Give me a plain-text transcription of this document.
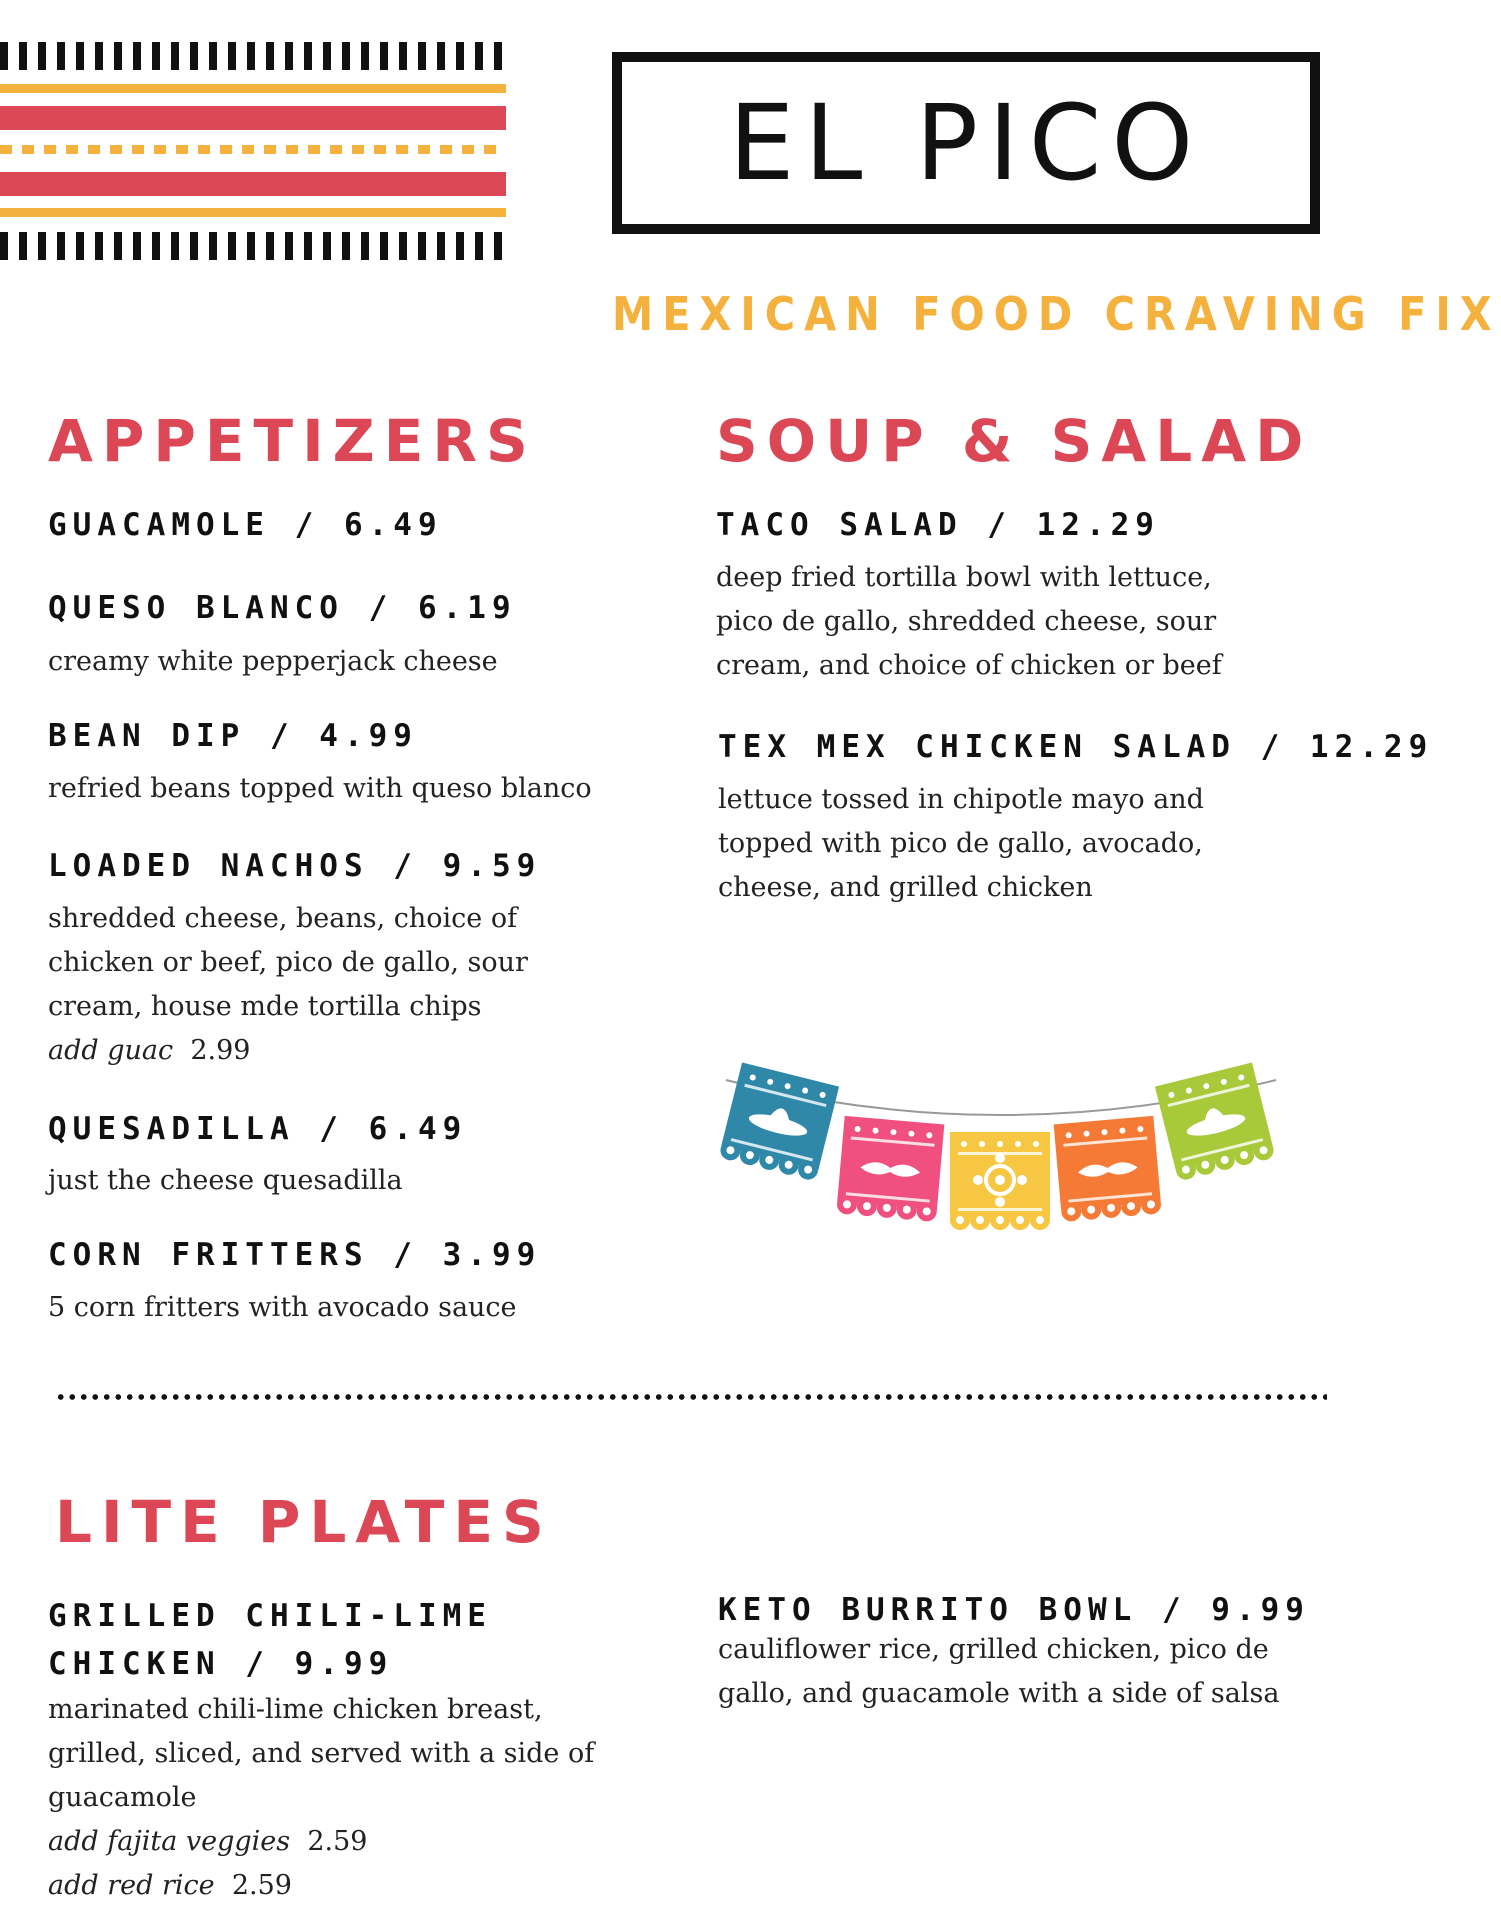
EL PICO
MEXICAN FOOD CRAVING FIX
APPETIZERS
GUACAMOLE / 6.49
QUESO BLANCO / 6.19
creamy white pepperjack cheese
BEAN DIP / 4.99
refried beans topped with queso blanco
LOADED NACHOS / 9.59
shredded cheese, beans, choice of
chicken or beef, pico de gallo, sour
cream, house mde tortilla chips
add guac 2.99
QUESADILLA / 6.49
just the cheese quesadilla
CORN FRITTERS / 3.99
5 corn fritters with avocado sauce
SOUP & SALAD
TACO SALAD / 12.29
deep fried tortilla bowl with lettuce,
pico de gallo, shredded cheese, sour
cream, and choice of chicken or beef
TEX MEX CHICKEN SALAD / 12.29
lettuce tossed in chipotle mayo and
topped with pico de gallo, avocado,
cheese, and grilled chicken
LITE PLATES
GRILLED CHILI-LIME
CHICKEN / 9.99
marinated chili-lime chicken breast,
grilled, sliced, and served with a side of
guacamole
add fajita veggies 2.59
add red rice 2.59
KETO BURRITO BOWL / 9.99
cauliflower rice, grilled chicken, pico de
gallo, and guacamole with a side of salsa
